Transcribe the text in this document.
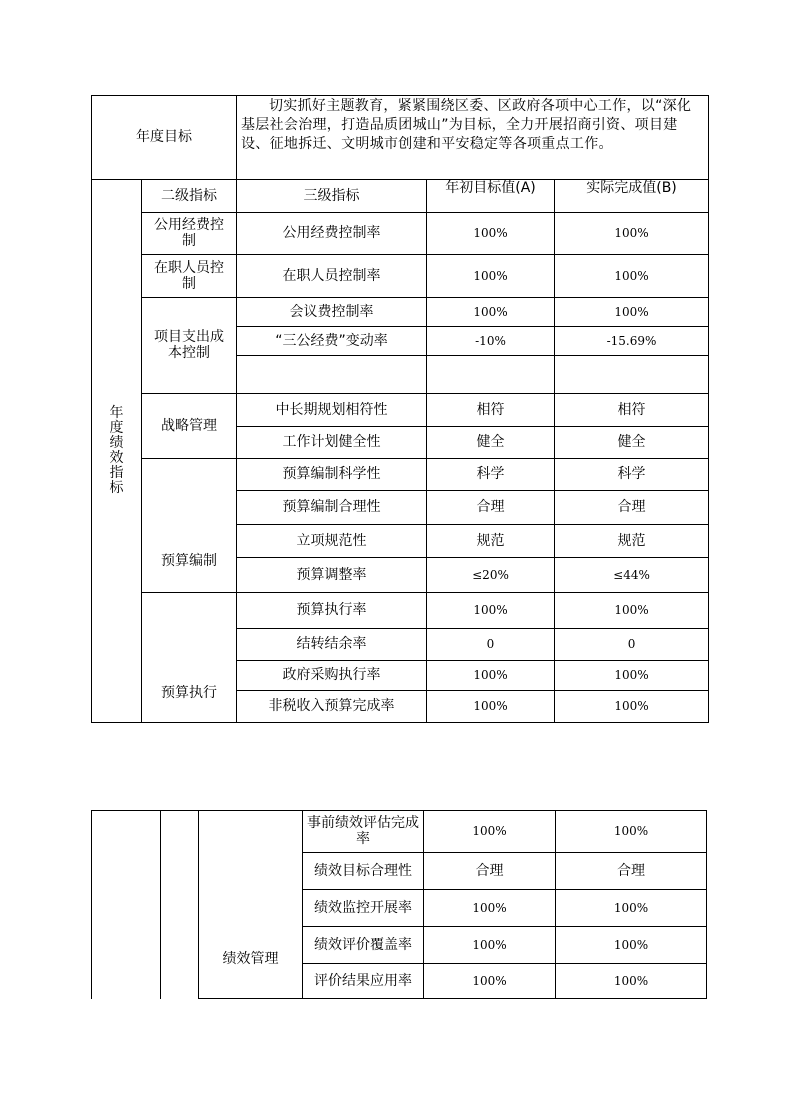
年度目标		切实抓好主题教育，紧紧围绕区委、区政府各项中心工作，以“深化基层社会治理，打造品质团城山”为目标，全力开展招商引资、项目建设、征地拆迁、文明城市创建和平安稳定等各项重点工作。		
年度绩效指标	二级指标	三级指标	年初目标值(A)	实际完成值(B)
	公用经费控制	公用经费控制率	100%	100%
	在职人员控制	在职人员控制率	100%	100%
	项目支出成本控制	会议费控制率	100%	100%
		“三公经费”变动率	-10%	-15.69%

	战略管理	中长期规划相符性	相符	相符
		工作计划健全性	健全	健全
	预算编制	预算编制科学性	科学	科学
		预算编制合理性	合理	合理
		立项规范性	规范	规范
		预算调整率	≤20%	≤44%
	预算执行	预算执行率	100%	100%
		结转结余率	0	0
		政府采购执行率	100%	100%
		非税收入预算完成率	100%	100%
		绩效管理	事前绩效评估完成率	100%	100%
			绩效目标合理性	合理	合理
			绩效监控开展率	100%	100%
			绩效评价覆盖率	100%	100%
			评价结果应用率	100%	100%
